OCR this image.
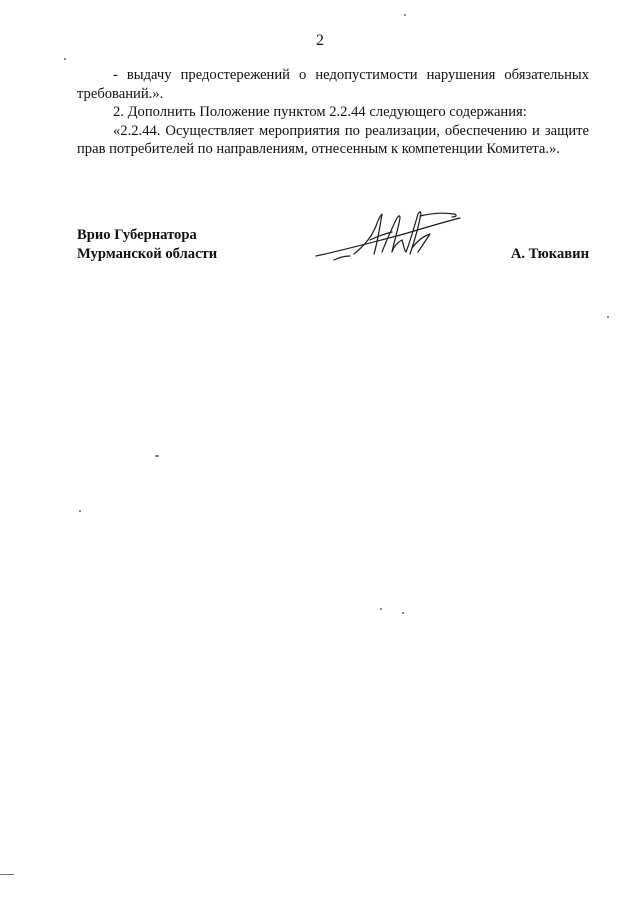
2

- выдачу предостережений о недопустимости нарушения обязательных требований.».

2. Дополнить Положение пунктом 2.2.44 следующего содержания:

«2.2.44. Осуществляет мероприятия по реализации, обеспечению и защите прав потребителей по направлениям, отнесенным к компетенции Комитета.».

Врио Губернатора
Мурманской области	А. Тюкавин
